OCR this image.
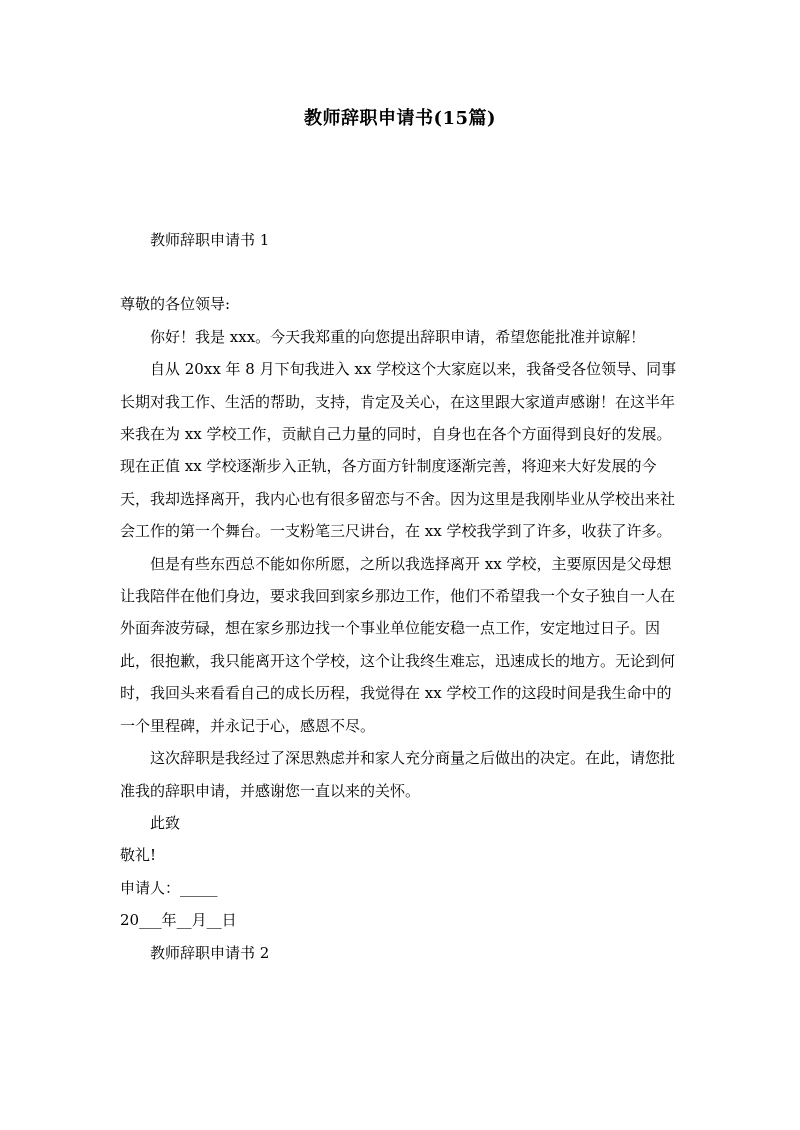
教师辞职申请书(15篇)

教师辞职申请书 1

尊敬的各位领导:

你好！我是 xxx。今天我郑重的向您提出辞职申请，希望您能批准并谅解！

自从 20xx 年 8 月下旬我进入 xx 学校这个大家庭以来，我备受各位领导、同事长期对我工作、生活的帮助，支持，肯定及关心，在这里跟大家道声感谢！在这半年来我在为 xx 学校工作，贡献自己力量的同时，自身也在各个方面得到良好的发展。现在正值 xx 学校逐渐步入正轨，各方面方针制度逐渐完善，将迎来大好发展的今天，我却选择离开，我内心也有很多留恋与不舍。因为这里是我刚毕业从学校出来社会工作的第一个舞台。一支粉笔三尺讲台，在 xx 学校我学到了许多，收获了许多。

但是有些东西总不能如你所愿，之所以我选择离开 xx 学校，主要原因是父母想让我陪伴在他们身边，要求我回到家乡那边工作，他们不希望我一个女子独自一人在外面奔波劳碌，想在家乡那边找一个事业单位能安稳一点工作，安定地过日子。因此，很抱歉，我只能离开这个学校，这个让我终生难忘，迅速成长的地方。无论到何时，我回头来看看自己的成长历程，我觉得在 xx 学校工作的这段时间是我生命中的一个里程碑，并永记于心，感恩不尽。

这次辞职是我经过了深思熟虑并和家人充分商量之后做出的决定。在此，请您批准我的辞职申请，并感谢您一直以来的关怀。

此致

敬礼!

申请人：_____

20___年__月__日

教师辞职申请书 2
